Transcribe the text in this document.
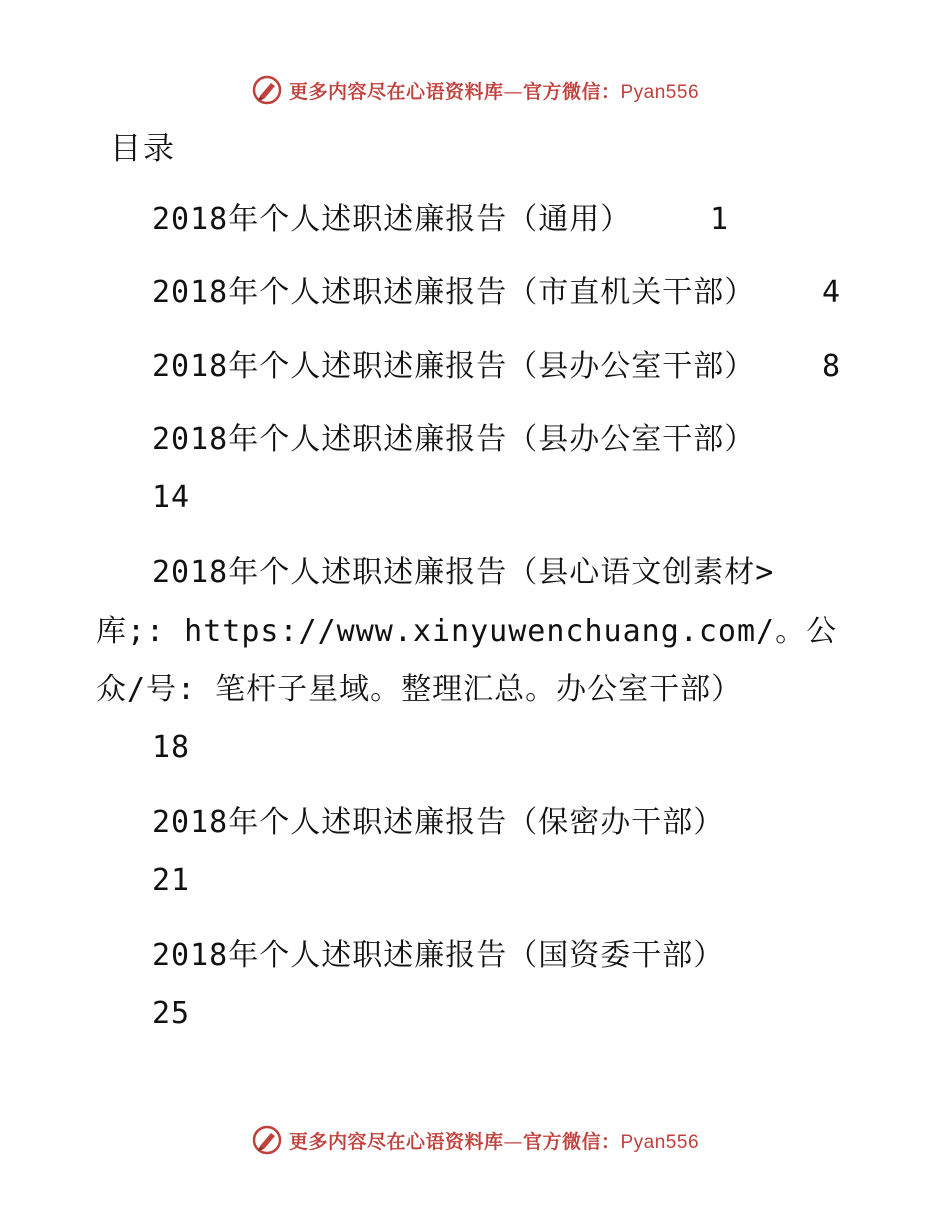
更多内容尽在心语资料库—官方微信：Pyan556
目录
2018年个人述职述廉报告（通用）	1
2018年个人述职述廉报告（市直机关干部） 4
2018年个人述职述廉报告（县办公室干部） 8
2018年个人述职述廉报告（县办公室干部）
14
2018年个人述职述廉报告（县心语文创素材>
库;: https://www.xinyuwenchuang.com/。公
众/号: 笔杆子星域。整理汇总。办公室干部）
18
2018年个人述职述廉报告（保密办干部）
21
2018年个人述职述廉报告（国资委干部）
25
更多内容尽在心语资料库—官方微信：Pyan556
